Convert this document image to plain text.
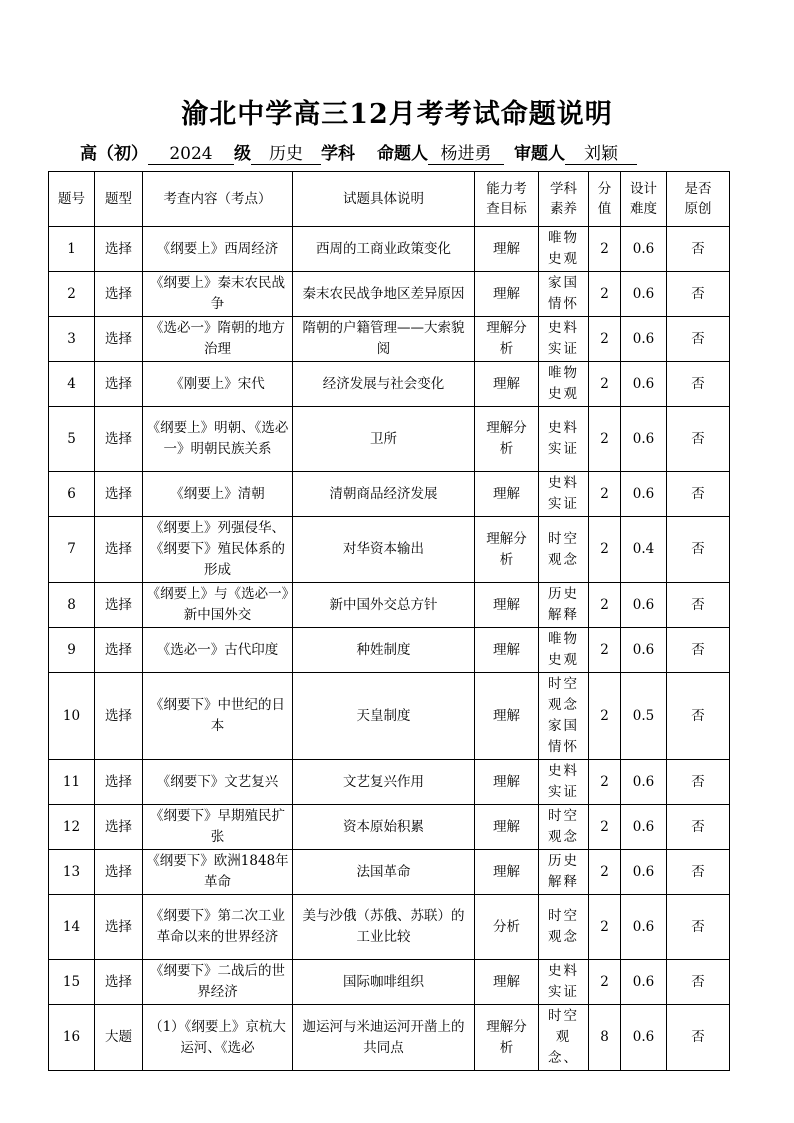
渝北中学高三12月考考试命题说明
高（初） 2024 级 历史 学科 命题人 杨进勇 审题人 刘颖
题号	题型	考查内容（考点）	试题具体说明	能力考查目标	学科素养	分值	设计难度	是否原创
1	选择	《纲要上》西周经济	西周的工商业政策变化	理解	唯物史观	2	0.6	否
2	选择	《纲要上》秦末农民战争	秦末农民战争地区差异原因	理解	家国情怀	2	0.6	否
3	选择	《选必一》隋朝的地方治理	隋朝的户籍管理——大索貌阅	理解分析	史料实证	2	0.6	否
4	选择	《刚要上》宋代	经济发展与社会变化	理解	唯物史观	2	0.6	否
5	选择	《纲要上》明朝、《选必一》明朝民族关系	卫所	理解分析	史料实证	2	0.6	否
6	选择	《纲要上》清朝	清朝商品经济发展	理解	史料实证	2	0.6	否
7	选择	《纲要上》列强侵华、《纲要下》殖民体系的形成	对华资本输出	理解分析	时空观念	2	0.4	否
8	选择	《纲要上》与《选必一》新中国外交	新中国外交总方针	理解	历史解释	2	0.6	否
9	选择	《选必一》古代印度	种姓制度	理解	唯物史观	2	0.6	否
10	选择	《纲要下》中世纪的日本	天皇制度	理解	时空观念家国情怀	2	0.5	否
11	选择	《纲要下》文艺复兴	文艺复兴作用	理解	史料实证	2	0.6	否
12	选择	《纲要下》早期殖民扩张	资本原始积累	理解	时空观念	2	0.6	否
13	选择	《纲要下》欧洲1848年革命	法国革命	理解	历史解释	2	0.6	否
14	选择	《纲要下》第二次工业革命以来的世界经济	美与沙俄（苏俄、苏联）的工业比较	分析	时空观念	2	0.6	否
15	选择	《纲要下》二战后的世界经济	国际咖啡组织	理解	史料实证	2	0.6	否
16	大题	（1）《纲要上》京杭大运河、《选必	迦运河与米迪运河开凿上的共同点	理解分析	时空观念、	8	0.6	否
